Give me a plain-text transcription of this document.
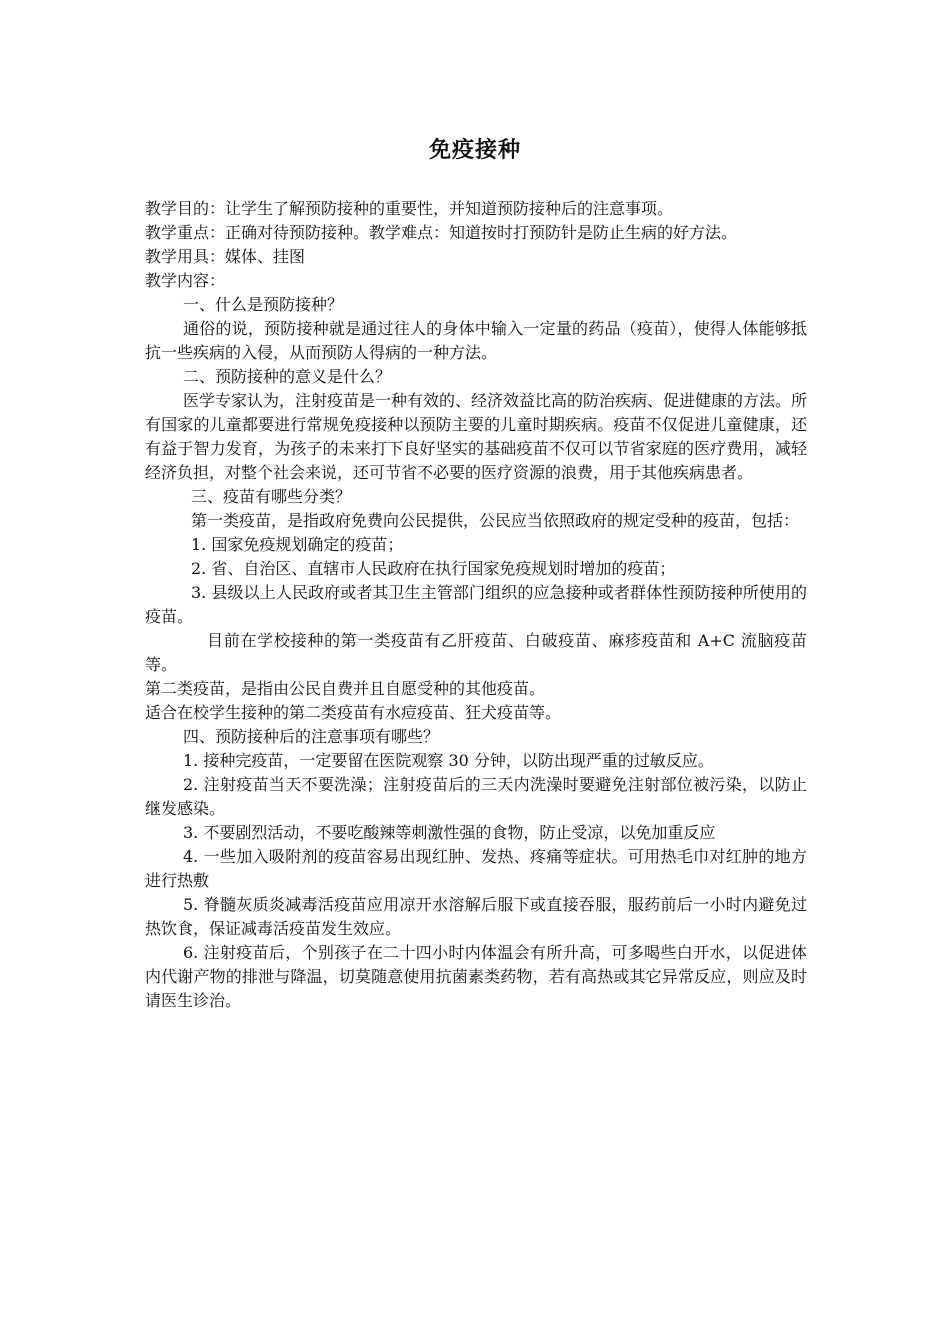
免疫接种

教学目的：让学生了解预防接种的重要性，并知道预防接种后的注意事项。

教学重点：正确对待预防接种。教学难点：知道按时打预防针是防止生病的好方法。

教学用具：媒体、挂图

教学内容：

一、什么是预防接种？

通俗的说，预防接种就是通过往人的身体中输入一定量的药品（疫苗），使得人体能够抵抗一些疾病的入侵，从而预防人得病的一种方法。

二、预防接种的意义是什么？

医学专家认为，注射疫苗是一种有效的、经济效益比高的防治疾病、促进健康的方法。所有国家的儿童都要进行常规免疫接种以预防主要的儿童时期疾病。疫苗不仅促进儿童健康，还有益于智力发育，为孩子的未来打下良好坚实的基础疫苗不仅可以节省家庭的医疗费用，减轻经济负担，对整个社会来说，还可节省不必要的医疗资源的浪费，用于其他疾病患者。

三、疫苗有哪些分类？

第一类疫苗，是指政府免费向公民提供，公民应当依照政府的规定受种的疫苗，包括：

1. 国家免疫规划确定的疫苗；

2. 省、自治区、直辖市人民政府在执行国家免疫规划时增加的疫苗；

3. 县级以上人民政府或者其卫生主管部门组织的应急接种或者群体性预防接种所使用的疫苗。

目前在学校接种的第一类疫苗有乙肝疫苗、白破疫苗、麻疹疫苗和 A+C 流脑疫苗等。

第二类疫苗，是指由公民自费并且自愿受种的其他疫苗。

适合在校学生接种的第二类疫苗有水痘疫苗、狂犬疫苗等。

四、预防接种后的注意事项有哪些？

1. 接种完疫苗，一定要留在医院观察 30 分钟，以防出现严重的过敏反应。

2. 注射疫苗当天不要洗澡；注射疫苗后的三天内洗澡时要避免注射部位被污染，以防止继发感染。

3. 不要剧烈活动，不要吃酸辣等刺激性强的食物，防止受凉，以免加重反应

4. 一些加入吸附剂的疫苗容易出现红肿、发热、疼痛等症状。可用热毛巾对红肿的地方进行热敷

5. 脊髓灰质炎减毒活疫苗应用凉开水溶解后服下或直接吞服，服药前后一小时内避免过热饮食，保证减毒活疫苗发生效应。

6. 注射疫苗后，个别孩子在二十四小时内体温会有所升高，可多喝些白开水，以促进体内代谢产物的排泄与降温，切莫随意使用抗菌素类药物，若有高热或其它异常反应，则应及时请医生诊治。
